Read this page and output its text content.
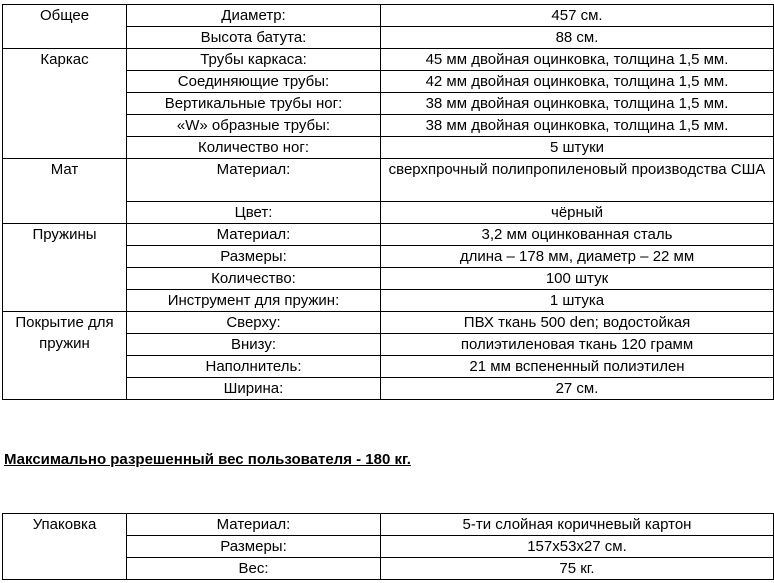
Общее	Диаметр:	457 см.
	Высота батута:	88 см.
Каркас	Трубы каркаса:	45 мм двойная оцинковка, толщина 1,5 мм.
	Соединяющие трубы:	42 мм двойная оцинковка, толщина 1,5 мм.
	Вертикальные трубы ног:	38 мм двойная оцинковка, толщина 1,5 мм.
	«W» образные трубы:	38 мм двойная оцинковка, толщина 1,5 мм.
	Количество ног:	5 штуки
Мат	Материал:	сверхпрочный полипропиленовый производства США
	Цвет:	чёрный
Пружины	Материал:	3,2 мм оцинкованная сталь
	Размеры:	длина – 178 мм, диаметр – 22 мм
	Количество:	100 штук
	Инструмент для пружин:	1 штука
Покрытие для пружин	Сверху:	ПВХ ткань 500 den; водостойкая
	Внизу:	полиэтиленовая ткань 120 грамм
	Наполнитель:	21 мм вспененный полиэтилен
	Ширина:	27 см.

Максимально разрешенный вес пользователя - 180 кг.

Упаковка	Материал:	5-ти слойная коричневый картон
	Размеры:	157х53х27 см.
	Вес:	75 кг.
